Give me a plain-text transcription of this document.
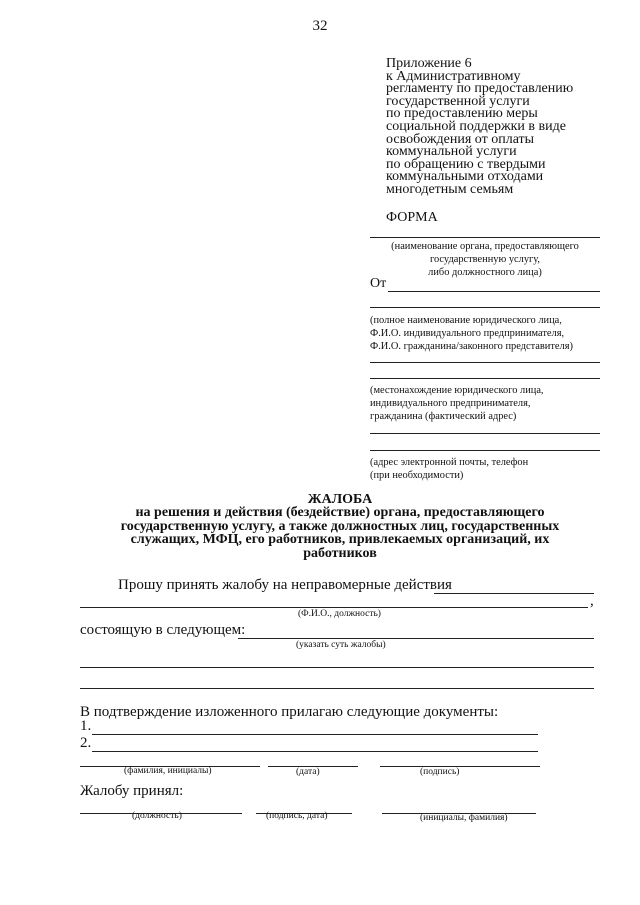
32
Приложение 6
к Административному
регламенту по предоставлению
государственной услуги
по предоставлению меры
социальной поддержки в виде
освобождения от оплаты
коммунальной услуги
по обращению с твердыми
коммунальными отходами
многодетным семьям
ФОРМА
(наименование органа, предоставляющего
государственную услугу,
либо должностного лица)
От
(полное наименование юридического лица,
Ф.И.О. индивидуального предпринимателя,
Ф.И.О. гражданина/законного представителя)
(местонахождение юридического лица,
индивидуального предпринимателя,
гражданина (фактический адрес)
(адрес электронной почты, телефон
(при необходимости)
ЖАЛОБА
на решения и действия (бездействие) органа, предоставляющего
государственную услугу, а также должностных лиц, государственных
служащих, МФЦ, его работников, привлекаемых организаций, их
работников
Прошу принять жалобу на неправомерные действия
,
(Ф.И.О., должность)
состоящую в следующем:
(указать суть жалобы)
В подтверждение изложенного прилагаю следующие документы:
1.
2.
(фамилия, инициалы)	(дата)	(подпись)
Жалобу принял:
(должность)	(подпись, дата)	(инициалы, фамилия)
